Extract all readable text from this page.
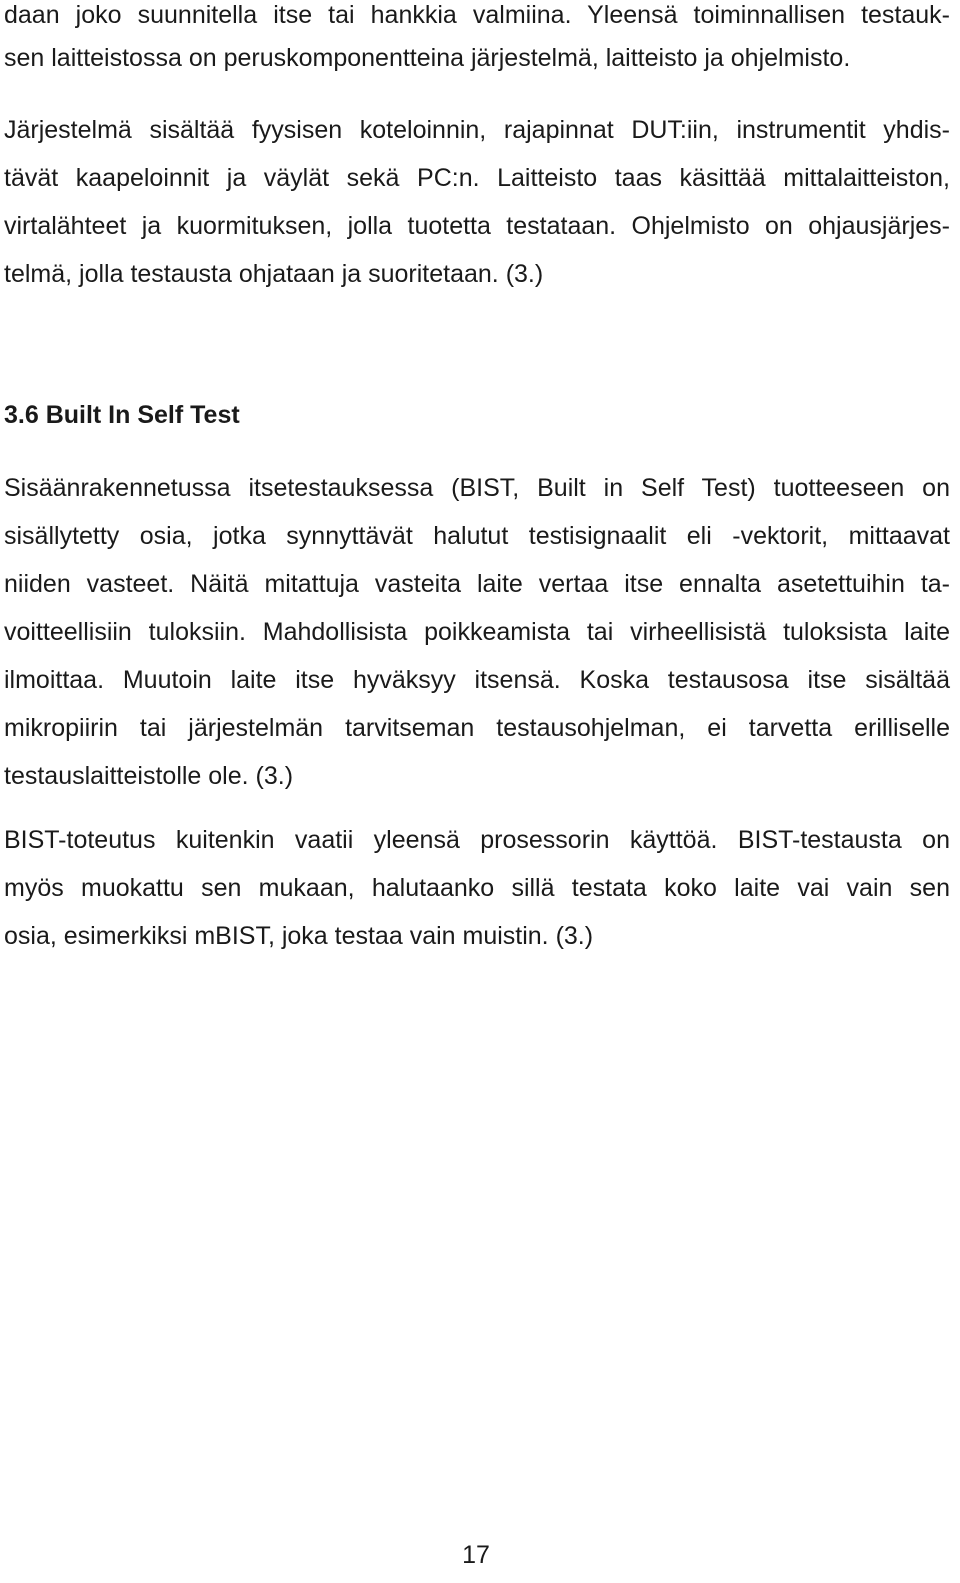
daan joko suunnitella itse tai hankkia valmiina. Yleensä toiminnallisen testauk-

sen laitteistossa on peruskomponentteina järjestelmä, laitteisto ja ohjelmisto.

Järjestelmä sisältää fyysisen koteloinnin, rajapinnat DUT:iin, instrumentit yhdis-

tävät kaapeloinnit ja väylät sekä PC:n. Laitteisto taas käsittää mittalaitteiston,

virtalähteet ja kuormituksen, jolla tuotetta testataan. Ohjelmisto on ohjausjärjes-

telmä, jolla testausta ohjataan ja suoritetaan. (3.)

3.6 Built In Self Test

Sisäänrakennetussa itsetestauksessa (BIST, Built in Self Test) tuotteeseen on

sisällytetty osia, jotka synnyttävät halutut testisignaalit eli -vektorit, mittaavat

niiden vasteet. Näitä mitattuja vasteita laite vertaa itse ennalta asetettuihin ta-

voitteellisiin tuloksiin. Mahdollisista poikkeamista tai virheellisistä tuloksista laite

ilmoittaa. Muutoin laite itse hyväksyy itsensä. Koska testausosa itse sisältää

mikropiirin tai järjestelmän tarvitseman testausohjelman, ei tarvetta erilliselle

testauslaitteistolle ole. (3.)

BIST-toteutus kuitenkin vaatii yleensä prosessorin käyttöä. BIST-testausta on

myös muokattu sen mukaan, halutaanko sillä testata koko laite vai vain sen

osia, esimerkiksi mBIST, joka testaa vain muistin. (3.)

17
